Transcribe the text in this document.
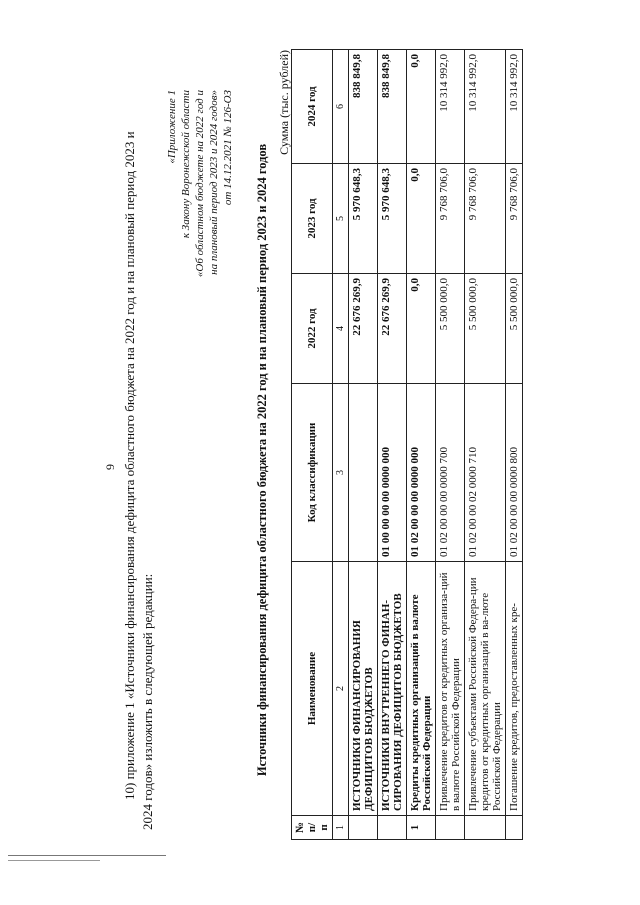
9 10) приложение 1 «Источники финансирования дефицита областного бюджета на 2022 год и на плановый период 2023 и 2024 годов» изложить в следующей редакции:
«Приложение 1 к Закону Воронежской области «Об областном бюджете на 2022 год и на плановый период 2023 и 2024 годов» от 14.12.2021 № 126-ОЗ Источники финансирования дефицита областного бюджета на 2022 год и на плановый период 2023 и 2024 годов
Сумма (тыс. рублей)
№ п/п	Наименование	Код классификации	2022 год	2023 год	2024 год
1	2	3	4	5	6
	ИСТОЧНИКИ ФИНАНСИРОВАНИЯ ДЕФИЦИТОВ БЮДЖЕТОВ		22 676 269,9	5 970 648,3	838 849,8
	ИСТОЧНИКИ ВНУТРЕННЕГО ФИНАН-СИРОВАНИЯ ДЕФИЦИТОВ БЮДЖЕТОВ	01 00 00 00 00 0000 000	22 676 269,9	5 970 648,3	838 849,8
1	Кредиты кредитных организаций в валюте Российской Федерации	01 02 00 00 00 0000 000	0,0	0,0	0,0
	Привлечение кредитов от кредитных организа-ций в валюте Российской Федерации	01 02 00 00 00 0000 700	5 500 000,0	9 768 706,0	10 314 992,0
	Привлечение субъектами Российской Федера-ции кредитов от кредитных организаций в ва-люте Российской Федерации	01 02 00 00 02 0000 710	5 500 000,0	9 768 706,0	10 314 992,0
	Погашение кредитов, предоставленных кре-	01 02 00 00 00 0000 800	5 500 000,0	9 768 706,0	10 314 992,0
